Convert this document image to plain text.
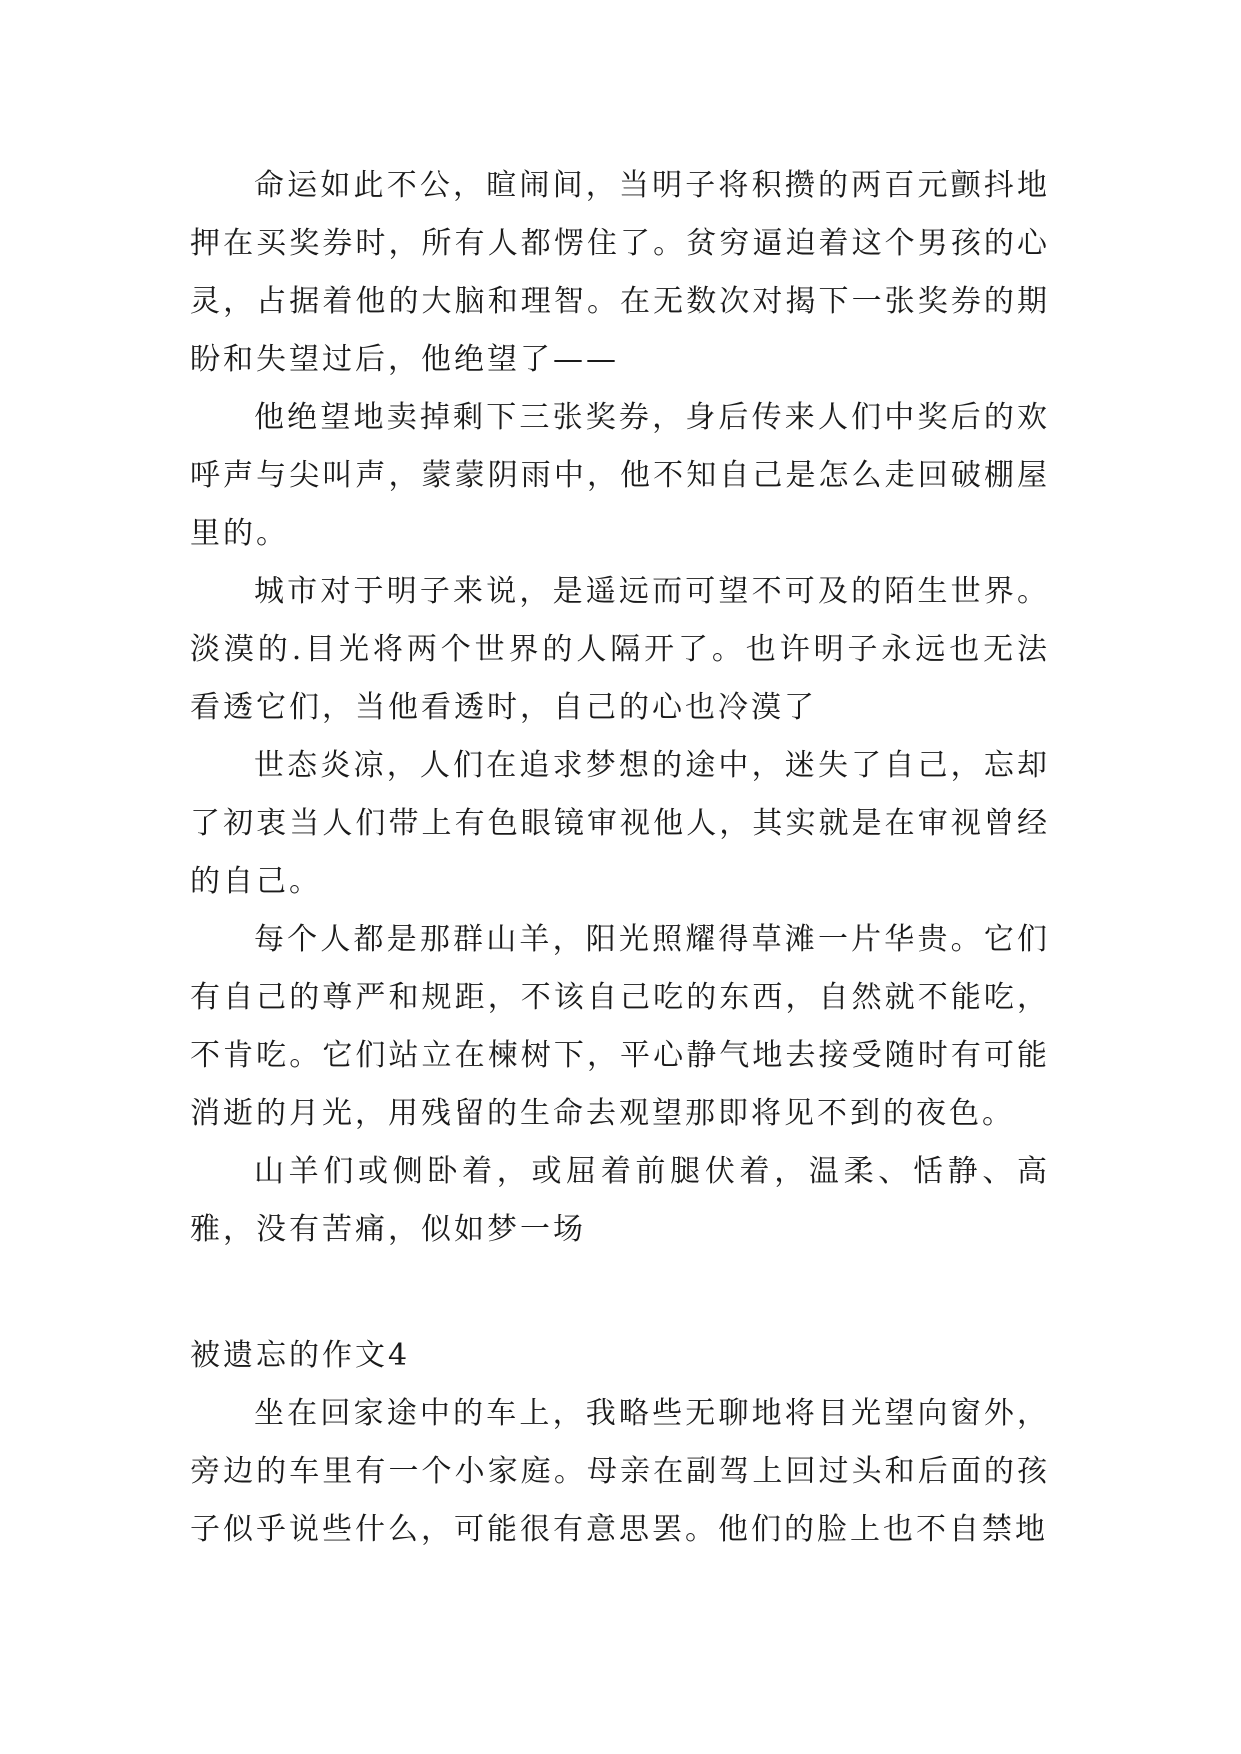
命运如此不公，暄闹间，当明子将积攒的两百元颤抖地押在买奖券时，所有人都愣住了。贫穷逼迫着这个男孩的心灵，占据着他的大脑和理智。在无数次对揭下一张奖券的期盼和失望过后，他绝望了——

他绝望地卖掉剩下三张奖券，身后传来人们中奖后的欢呼声与尖叫声，蒙蒙阴雨中，他不知自己是怎么走回破棚屋里的。

城市对于明子来说，是遥远而可望不可及的陌生世界。淡漠的.目光将两个世界的人隔开了。也许明子永远也无法看透它们，当他看透时，自己的心也冷漠了

世态炎凉，人们在追求梦想的途中，迷失了自己，忘却了初衷当人们带上有色眼镜审视他人，其实就是在审视曾经的自己。

每个人都是那群山羊，阳光照耀得草滩一片华贵。它们有自己的尊严和规距，不该自己吃的东西，自然就不能吃，不肯吃。它们站立在楝树下，平心静气地去接受随时有可能消逝的月光，用残留的生命去观望那即将见不到的夜色。

山羊们或侧卧着，或屈着前腿伏着，温柔、恬静、高雅，没有苦痛，似如梦一场

被遗忘的作文4

坐在回家途中的车上，我略些无聊地将目光望向窗外，旁边的车里有一个小家庭。母亲在副驾上回过头和后面的孩子似乎说些什么，可能很有意思罢。他们的脸上也不自禁地
